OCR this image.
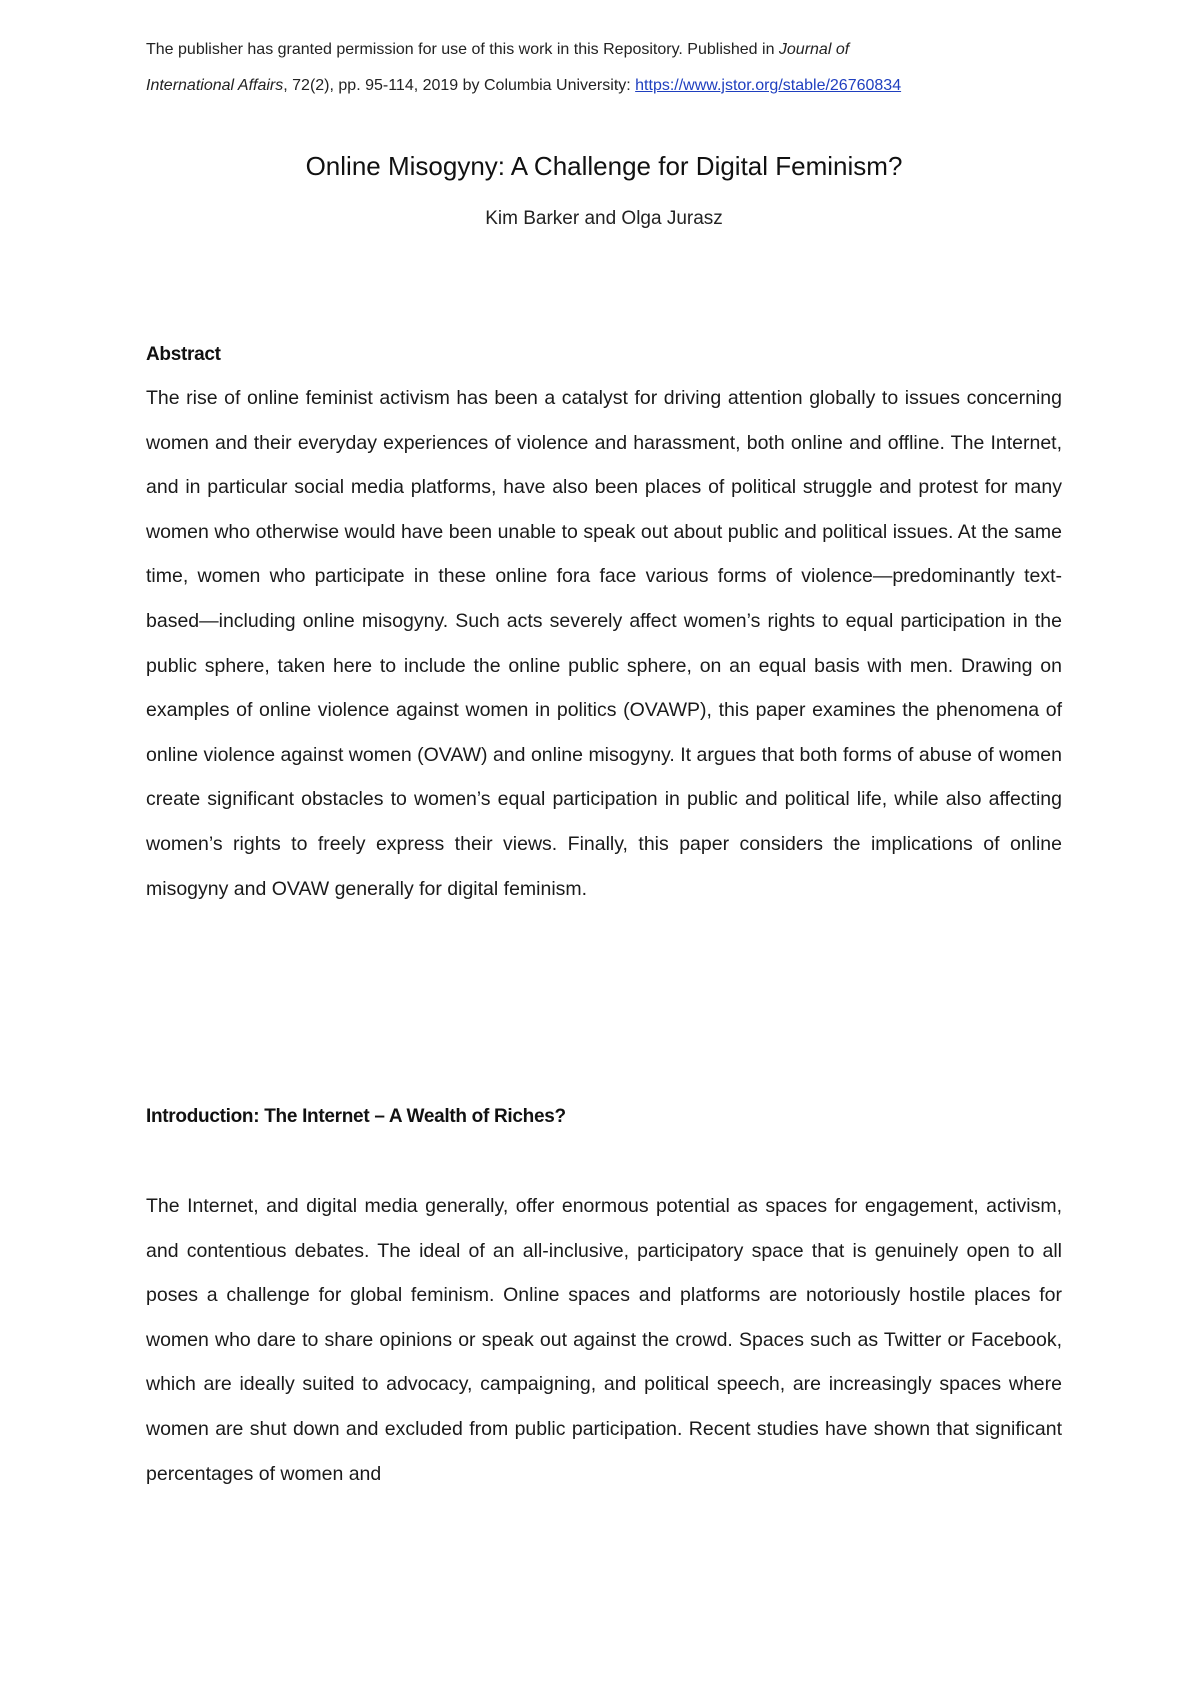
The publisher has granted permission for use of this work in this Repository. Published in Journal of
International Affairs, 72(2), pp. 95-114, 2019 by Columbia University: https://www.jstor.org/stable/26760834
Online Misogyny: A Challenge for Digital Feminism?
Kim Barker and Olga Jurasz
Abstract

The rise of online feminist activism has been a catalyst for driving attention globally to issues concerning women and their everyday experiences of violence and harassment, both online and offline. The Internet, and in particular social media platforms, have also been places of political struggle and protest for many women who otherwise would have been unable to speak out about public and political issues. At the same time, women who participate in these online fora face various forms of violence—predominantly text-based—including online misogyny. Such acts severely affect women’s rights to equal participation in the public sphere, taken here to include the online public sphere, on an equal basis with men. Drawing on examples of online violence against women in politics (OVAWP), this paper examines the phenomena of online violence against women (OVAW) and online misogyny. It argues that both forms of abuse of women create significant obstacles to women’s equal participation in public and political life, while also affecting women’s rights to freely express their views. Finally, this paper considers the implications of online misogyny and OVAW generally for digital feminism.

Introduction: The Internet – A Wealth of Riches?

The Internet, and digital media generally, offer enormous potential as spaces for engagement, activism, and contentious debates. The ideal of an all-inclusive, participatory space that is genuinely open to all poses a challenge for global feminism. Online spaces and platforms are notoriously hostile places for women who dare to share opinions or speak out against the crowd. Spaces such as Twitter or Facebook, which are ideally suited to advocacy, campaigning, and political speech, are increasingly spaces where women are shut down and excluded from public participation. Recent studies have shown that significant percentages of women and
